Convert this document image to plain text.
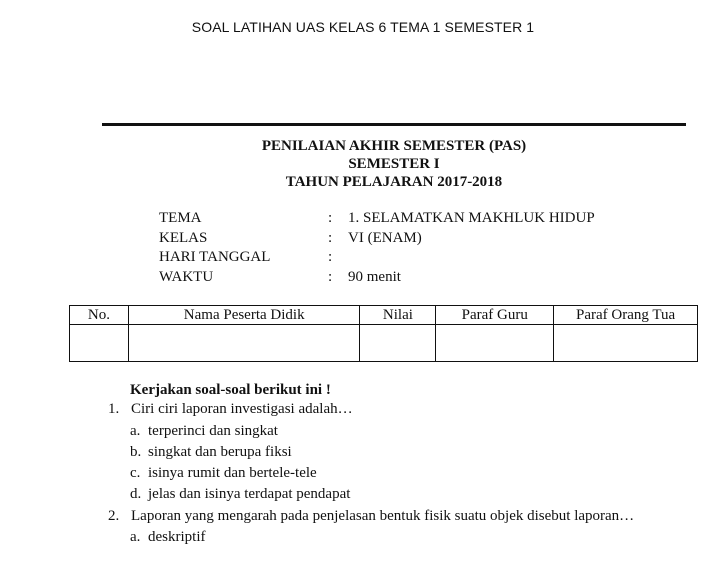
SOAL LATIHAN UAS KELAS 6 TEMA 1 SEMESTER 1
PENILAIAN AKHIR SEMESTER (PAS)
SEMESTER I
TAHUN PELAJARAN 2017-2018
TEMA	: 1. SELAMATKAN MAKHLUK HIDUP
KELAS	: VI (ENAM)
HARI TANGGAL	:
WAKTU	: 90 menit
No.	Nama Peserta Didik	Nilai	Paraf Guru	Paraf Orang Tua

Kerjakan soal-soal berikut ini !
1. Ciri ciri laporan investigasi adalah…
a. terperinci dan singkat
b. singkat dan berupa fiksi
c. isinya rumit dan bertele-tele
d. jelas dan isinya terdapat pendapat
2. Laporan yang mengarah pada penjelasan bentuk fisik suatu objek disebut laporan…
a. deskriptif
